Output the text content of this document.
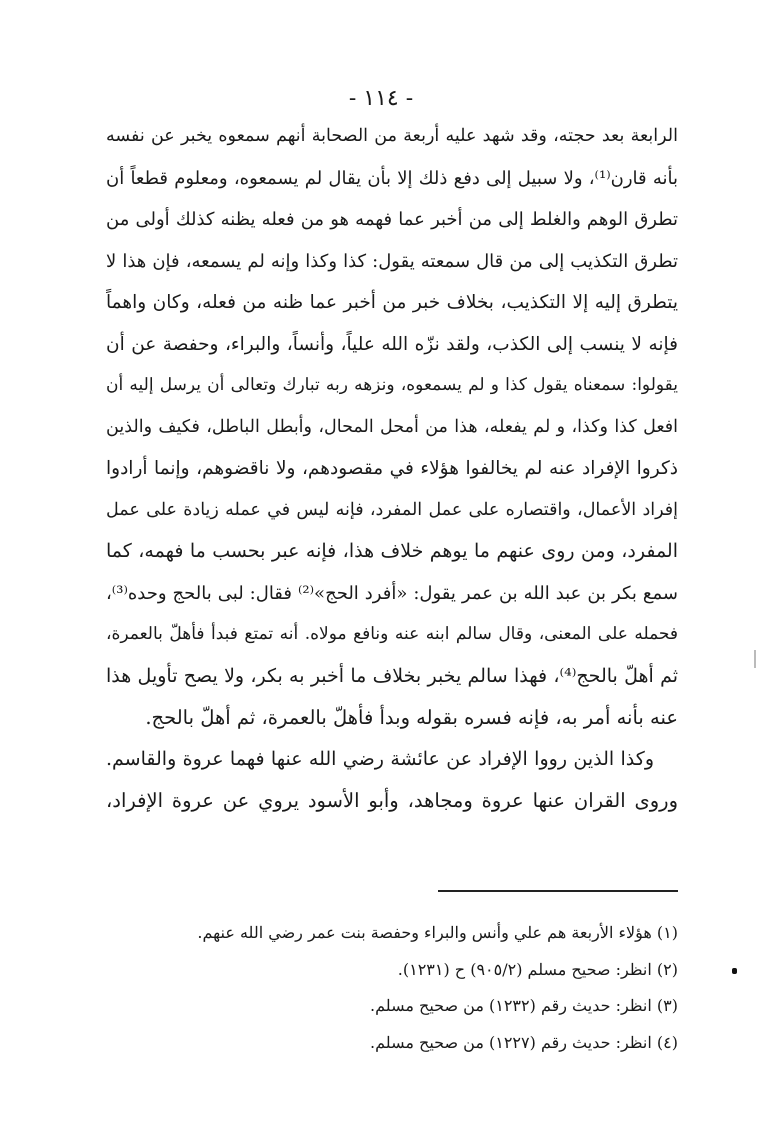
- ١١٤ -
الرابعة بعد حجته، وقد شهد عليه أربعة من الصحابة أنهم سمعوه يخبر عن نفسه
بأنه قارن⁽¹⁾، ولا سبيل إلى دفع ذلك إلا بأن يقال لم يسمعوه، ومعلوم قطعاً أن
تطرق الوهم والغلط إلى من أخبر عما فهمه هو من فعله يظنه كذلك أولى من
تطرق التكذيب إلى من قال سمعته يقول: كذا وكذا وإنه لم يسمعه، فإن هذا لا
يتطرق إليه إلا التكذيب، بخلاف خبر من أخبر عما ظنه من فعله، وكان واهماً
فإنه لا ينسب إلى الكذب، ولقد نزّه الله علياً، وأنساً، والبراء، وحفصة عن أن
يقولوا: سمعناه يقول كذا و لم يسمعوه، ونزهه ربه تبارك وتعالى أن يرسل إليه أن
افعل كذا وكذا، و لم يفعله، هذا من أمحل المحال، وأبطل الباطل، فكيف والذين
ذكروا الإفراد عنه لم يخالفوا هؤلاء في مقصودهم، ولا ناقضوهم، وإنما أرادوا
إفراد الأعمال، واقتصاره على عمل المفرد، فإنه ليس في عمله زيادة على عمل
المفرد، ومن روى عنهم ما يوهم خلاف هذا، فإنه عبر بحسب ما فهمه، كما
سمع بكر بن عبد الله بن عمر يقول: «أفرد الحج»⁽²⁾ فقال: لبى بالحج وحده⁽³⁾،
فحمله على المعنى، وقال سالم ابنه عنه ونافع مولاه. أنه تمتع فبدأ فأهلّ بالعمرة،
ثم أهلّ بالحج⁽⁴⁾، فهذا سالم يخبر بخلاف ما أخبر به بكر، ولا يصح تأويل هذا
عنه بأنه أمر به، فإنه فسره بقوله وبدأ فأهلّ بالعمرة، ثم أهلّ بالحج.
وكذا الذين رووا الإفراد عن عائشة رضي الله عنها فهما عروة والقاسم.
وروى القران عنها عروة ومجاهد، وأبو الأسود يروي عن عروة الإفراد،
(١) هؤلاء الأربعة هم علي وأنس والبراء وحفصة بنت عمر رضي الله عنهم.
(٢) انظر: صحيح مسلم (٩٠٥/٢) ح (١٢٣١).
(٣) انظر: حديث رقم (١٢٣٢) من صحيح مسلم.
(٤) انظر: حديث رقم (١٢٢٧) من صحيح مسلم.
